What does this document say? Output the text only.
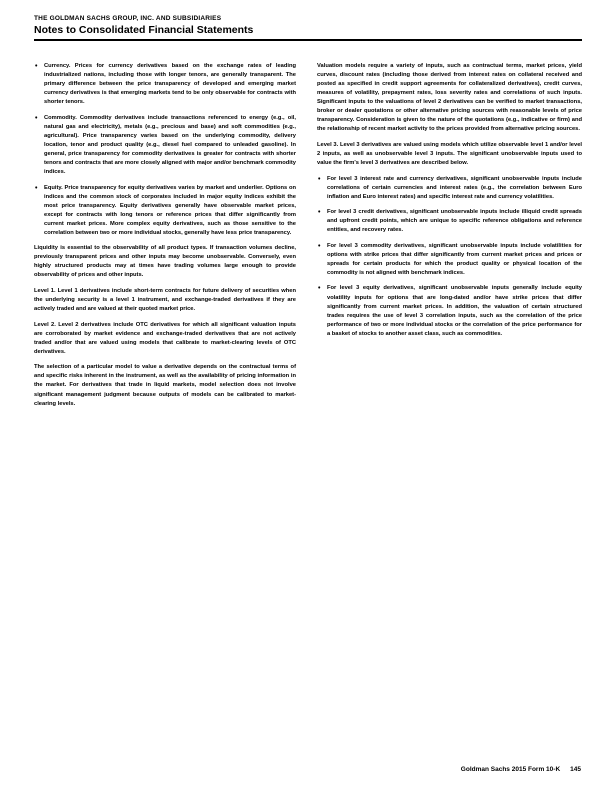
THE GOLDMAN SACHS GROUP, INC. AND SUBSIDIARIES
Notes to Consolidated Financial Statements
• Currency. Prices for currency derivatives based on the exchange rates of leading industrialized nations, including those with longer tenors, are generally transparent. The primary difference between the price transparency of developed and emerging market currency derivatives is that emerging markets tend to be only observable for contracts with shorter tenors.
• Commodity. Commodity derivatives include transactions referenced to energy (e.g., oil, natural gas and electricity), metals (e.g., precious and base) and soft commodities (e.g., agricultural). Price transparency varies based on the underlying commodity, delivery location, tenor and product quality (e.g., diesel fuel compared to unleaded gasoline). In general, price transparency for commodity derivatives is greater for contracts with shorter tenors and contracts that are more closely aligned with major and/or benchmark commodity indices.
• Equity. Price transparency for equity derivatives varies by market and underlier. Options on indices and the common stock of corporates included in major equity indices exhibit the most price transparency. Equity derivatives generally have observable market prices, except for contracts with long tenors or reference prices that differ significantly from current market prices. More complex equity derivatives, such as those sensitive to the correlation between two or more individual stocks, generally have less price transparency.

Liquidity is essential to the observability of all product types. If transaction volumes decline, previously transparent prices and other inputs may become unobservable. Conversely, even highly structured products may at times have trading volumes large enough to provide observability of prices and other inputs.

Level 1. Level 1 derivatives include short-term contracts for future delivery of securities when the underlying security is a level 1 instrument, and exchange-traded derivatives if they are actively traded and are valued at their quoted market price.

Level 2. Level 2 derivatives include OTC derivatives for which all significant valuation inputs are corroborated by market evidence and exchange-traded derivatives that are not actively traded and/or that are valued using models that calibrate to market-clearing levels of OTC derivatives.

The selection of a particular model to value a derivative depends on the contractual terms of and specific risks inherent in the instrument, as well as the availability of pricing information in the market. For derivatives that trade in liquid markets, model selection does not involve significant management judgment because outputs of models can be calibrated to market-clearing levels.

Valuation models require a variety of inputs, such as contractual terms, market prices, yield curves, discount rates (including those derived from interest rates on collateral received and posted as specified in credit support agreements for collateralized derivatives), credit curves, measures of volatility, prepayment rates, loss severity rates and correlations of such inputs. Significant inputs to the valuations of level 2 derivatives can be verified to market transactions, broker or dealer quotations or other alternative pricing sources with reasonable levels of price transparency. Consideration is given to the nature of the quotations (e.g., indicative or firm) and the relationship of recent market activity to the prices provided from alternative pricing sources.

Level 3. Level 3 derivatives are valued using models which utilize observable level 1 and/or level 2 inputs, as well as unobservable level 3 inputs. The significant unobservable inputs used to value the firm's level 3 derivatives are described below.

• For level 3 interest rate and currency derivatives, significant unobservable inputs include correlations of certain currencies and interest rates (e.g., the correlation between Euro inflation and Euro interest rates) and specific interest rate and currency volatilities.
• For level 3 credit derivatives, significant unobservable inputs include illiquid credit spreads and upfront credit points, which are unique to specific reference obligations and reference entities, and recovery rates.
• For level 3 commodity derivatives, significant unobservable inputs include volatilities for options with strike prices that differ significantly from current market prices and prices or spreads for certain products for which the product quality or physical location of the commodity is not aligned with benchmark indices.
• For level 3 equity derivatives, significant unobservable inputs generally include equity volatility inputs for options that are long-dated and/or have strike prices that differ significantly from current market prices. In addition, the valuation of certain structured trades requires the use of level 3 correlation inputs, such as the correlation of the price performance of two or more individual stocks or the correlation of the price performance for a basket of stocks to another asset class, such as commodities.
Goldman Sachs 2015 Form 10-K 145
